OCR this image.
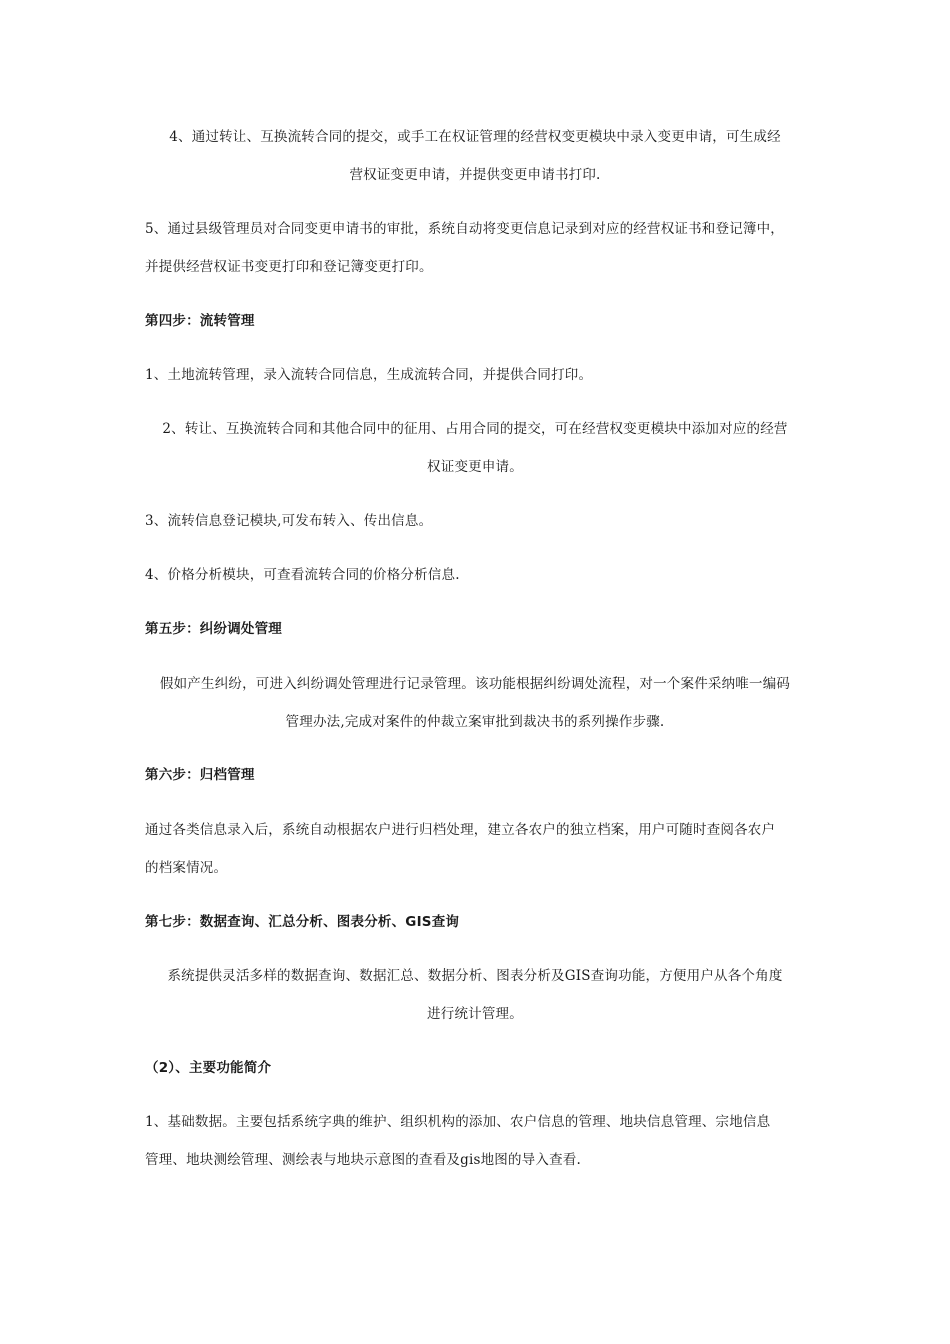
4、通过转让、互换流转合同的提交，或手工在权证管理的经营权变更模块中录入变更申请，可生成经
营权证变更申请，并提供变更申请书打印.
5、通过县级管理员对合同变更申请书的审批，系统自动将变更信息记录到对应的经营权证书和登记簿中，
并提供经营权证书变更打印和登记簿变更打印。
第四步：流转管理
1、土地流转管理，录入流转合同信息，生成流转合同，并提供合同打印。
2、转让、互换流转合同和其他合同中的征用、占用合同的提交，可在经营权变更模块中添加对应的经营
权证变更申请。
3、流转信息登记模块,可发布转入、传出信息。
4、价格分析模块，可查看流转合同的价格分析信息.
第五步：纠纷调处管理
假如产生纠纷，可进入纠纷调处管理进行记录管理。该功能根据纠纷调处流程，对一个案件采纳唯一编码
管理办法,完成对案件的仲裁立案审批到裁决书的系列操作步骤.
第六步：归档管理
通过各类信息录入后，系统自动根据农户进行归档处理，建立各农户的独立档案，用户可随时查阅各农户
的档案情况。
第七步：数据查询、汇总分析、图表分析、GIS查询
系统提供灵活多样的数据查询、数据汇总、数据分析、图表分析及GIS查询功能，方便用户从各个角度
进行统计管理。
（2）、主要功能简介
1、基础数据。主要包括系统字典的维护、组织机构的添加、农户信息的管理、地块信息管理、宗地信息
管理、地块测绘管理、测绘表与地块示意图的查看及gis地图的导入查看.
